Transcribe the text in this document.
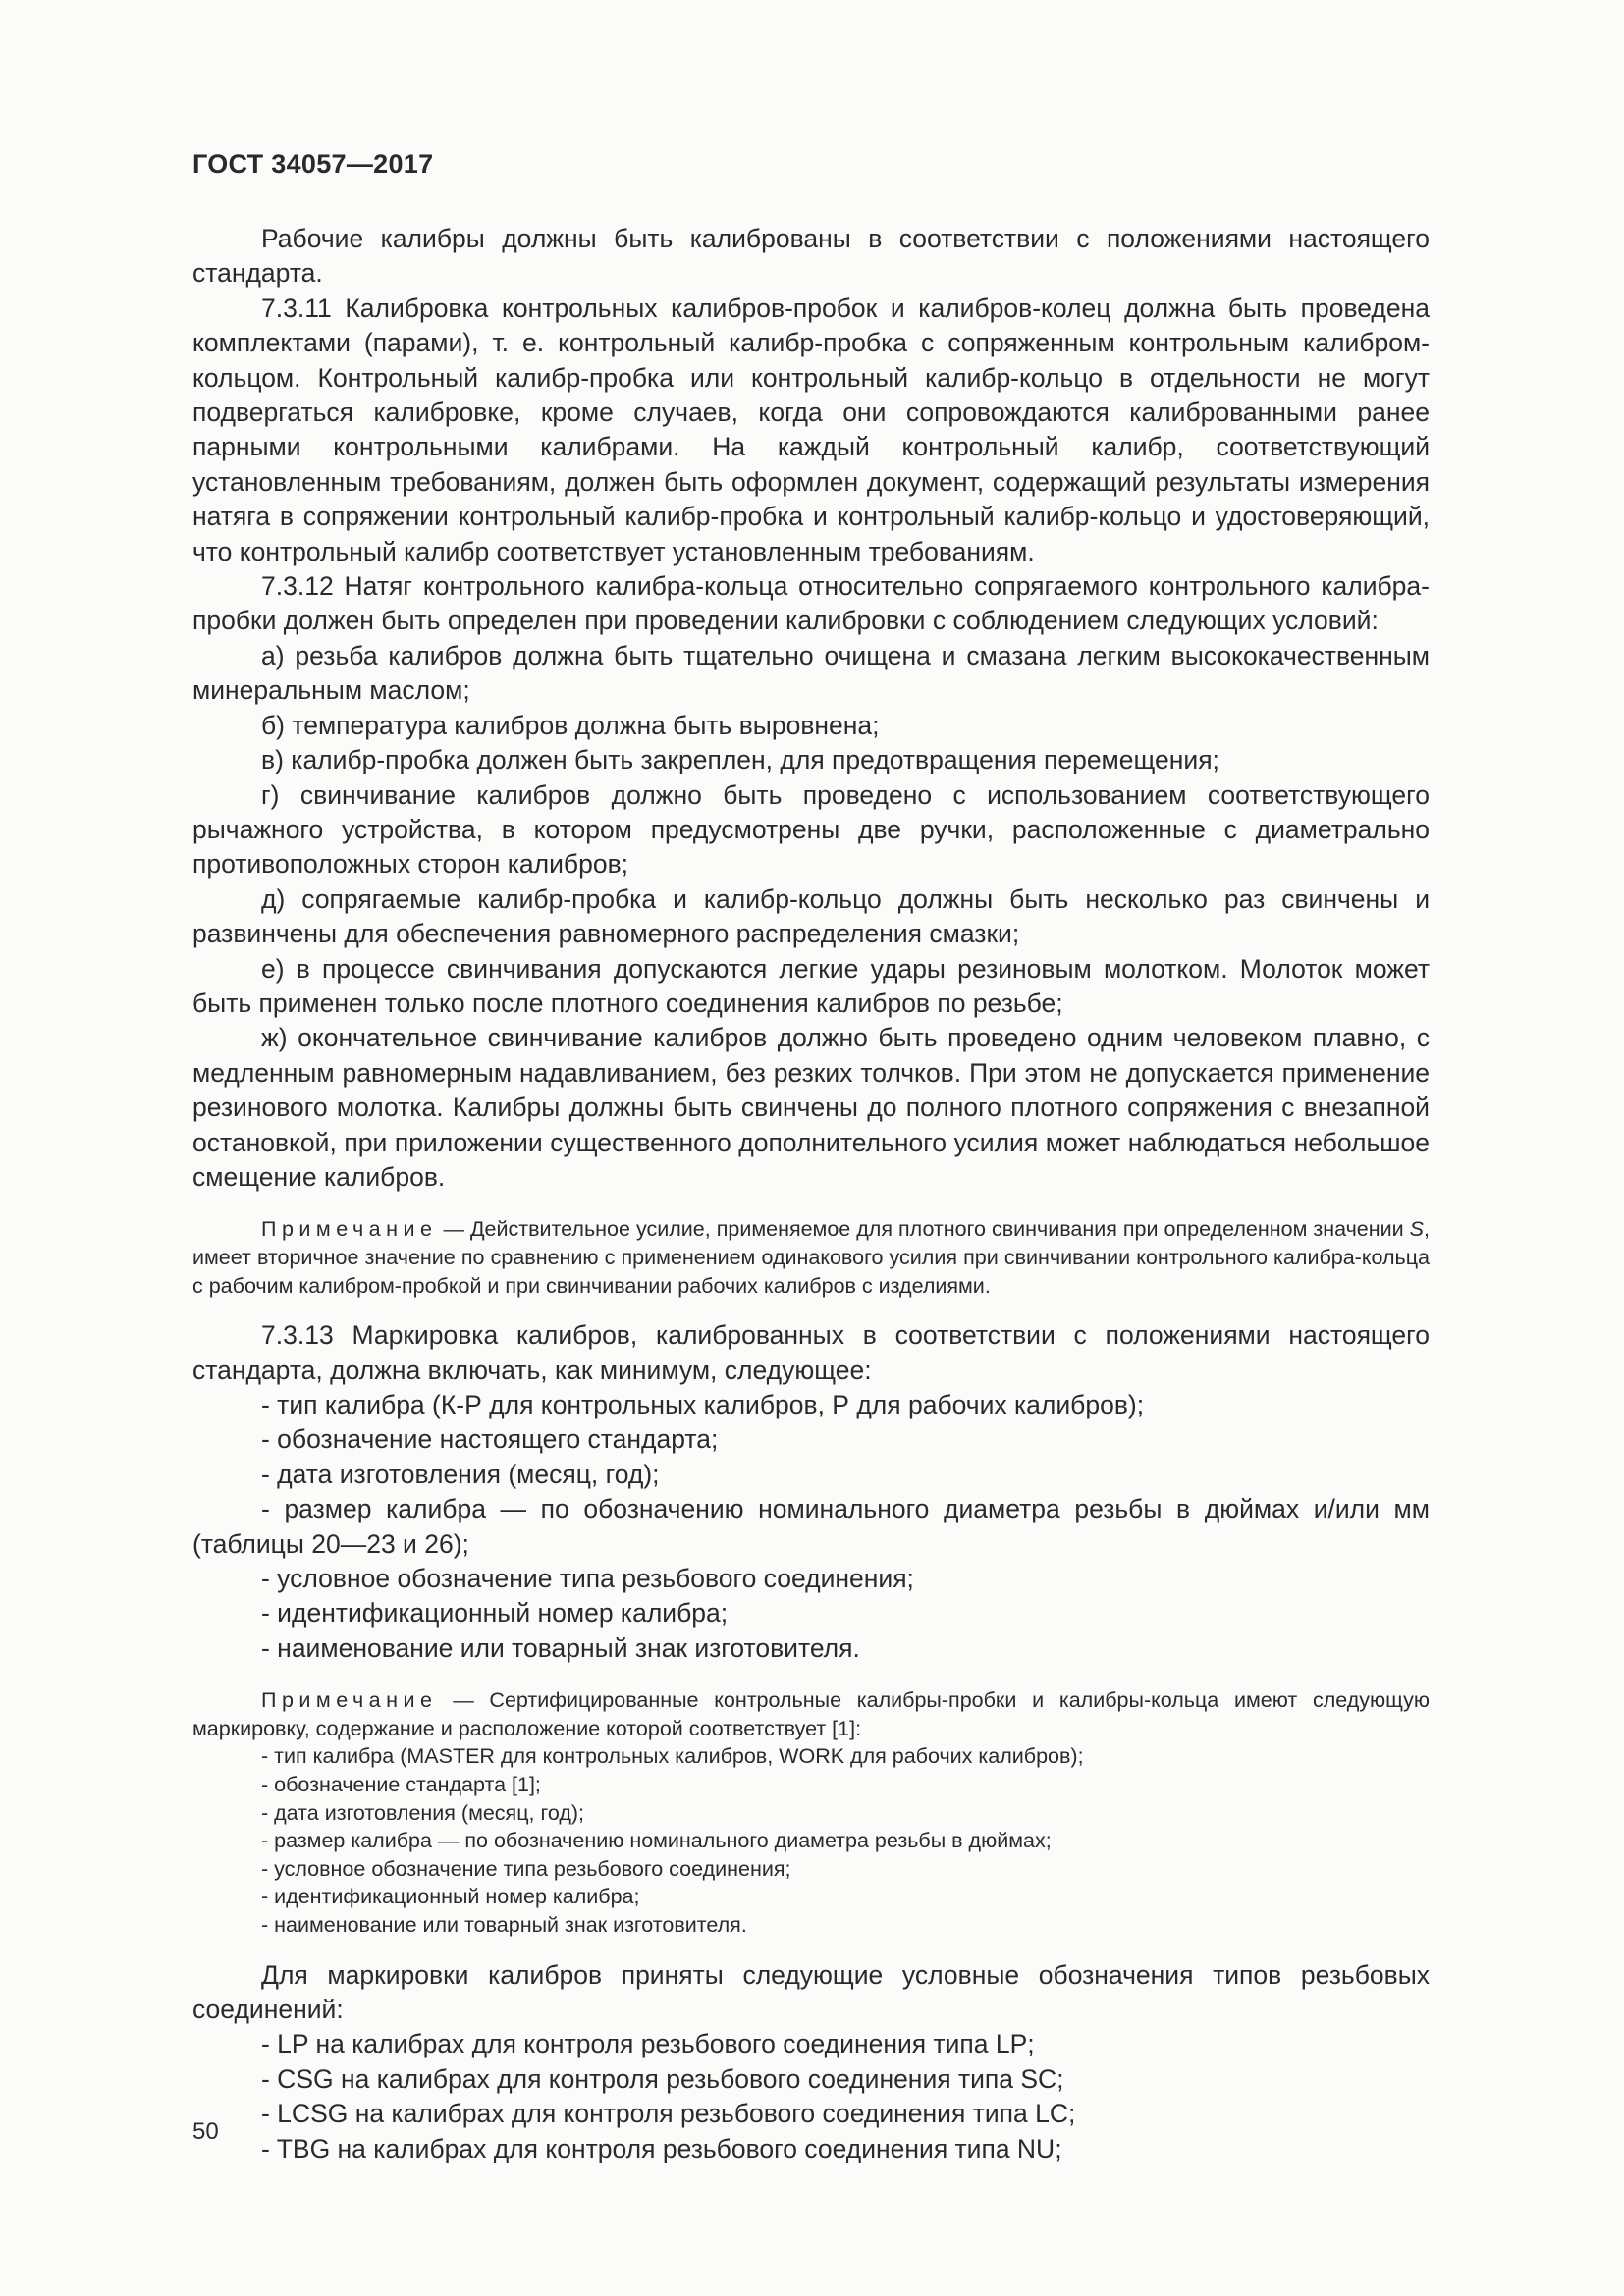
ГОСТ 34057—2017

Рабочие калибры должны быть калиброваны в соответствии с положениями настоящего стандарта.

7.3.11 Калибровка контрольных калибров-пробок и калибров-колец должна быть проведена комплектами (парами), т. е. контрольный калибр-пробка с сопряженным контрольным калибром-кольцом. Контрольный калибр-пробка или контрольный калибр-кольцо в отдельности не могут подвергаться калибровке, кроме случаев, когда они сопровождаются калиброванными ранее парными контрольными калибрами. На каждый контрольный калибр, соответствующий установленным требованиям, должен быть оформлен документ, содержащий результаты измерения натяга в сопряжении контрольный калибр-пробка и контрольный калибр-кольцо и удостоверяющий, что контрольный калибр соответствует установленным требованиям.

7.3.12 Натяг контрольного калибра-кольца относительно сопрягаемого контрольного калибра-пробки должен быть определен при проведении калибровки с соблюдением следующих условий:

а) резьба калибров должна быть тщательно очищена и смазана легким высококачественным минеральным маслом;

б) температура калибров должна быть выровнена;

в) калибр-пробка должен быть закреплен, для предотвращения перемещения;

г) свинчивание калибров должно быть проведено с использованием соответствующего рычажного устройства, в котором предусмотрены две ручки, расположенные с диаметрально противоположных сторон калибров;

д) сопрягаемые калибр-пробка и калибр-кольцо должны быть несколько раз свинчены и развинчены для обеспечения равномерного распределения смазки;

е) в процессе свинчивания допускаются легкие удары резиновым молотком. Молоток может быть применен только после плотного соединения калибров по резьбе;

ж) окончательное свинчивание калибров должно быть проведено одним человеком плавно, с медленным равномерным надавливанием, без резких толчков. При этом не допускается применение резинового молотка. Калибры должны быть свинчены до полного плотного сопряжения с внезапной остановкой, при приложении существенного дополнительного усилия может наблюдаться небольшое смещение калибров.

Примечание — Действительное усилие, применяемое для плотного свинчивания при определенном значении S, имеет вторичное значение по сравнению с применением одинакового усилия при свинчивании контрольного калибра-кольца с рабочим калибром-пробкой и при свинчивании рабочих калибров с изделиями.

7.3.13 Маркировка калибров, калиброванных в соответствии с положениями настоящего стандарта, должна включать, как минимум, следующее:

- тип калибра (К-Р для контрольных калибров, Р для рабочих калибров);

- обозначение настоящего стандарта;

- дата изготовления (месяц, год);

- размер калибра — по обозначению номинального диаметра резьбы в дюймах и/или мм (таблицы 20—23 и 26);

- условное обозначение типа резьбового соединения;

- идентификационный номер калибра;

- наименование или товарный знак изготовителя.

Примечание — Сертифицированные контрольные калибры-пробки и калибры-кольца имеют следующую маркировку, содержание и расположение которой соответствует [1]:

- тип калибра (MASTER для контрольных калибров, WORK для рабочих калибров);

- обозначение стандарта [1];

- дата изготовления (месяц, год);

- размер калибра — по обозначению номинального диаметра резьбы в дюймах;

- условное обозначение типа резьбового соединения;

- идентификационный номер калибра;

- наименование или товарный знак изготовителя.

Для маркировки калибров приняты следующие условные обозначения типов резьбовых соединений:

- LP на калибрах для контроля резьбового соединения типа LP;

- CSG на калибрах для контроля резьбового соединения типа SC;

- LCSG на калибрах для контроля резьбового соединения типа LC;

- TBG на калибрах для контроля резьбового соединения типа NU;

50
